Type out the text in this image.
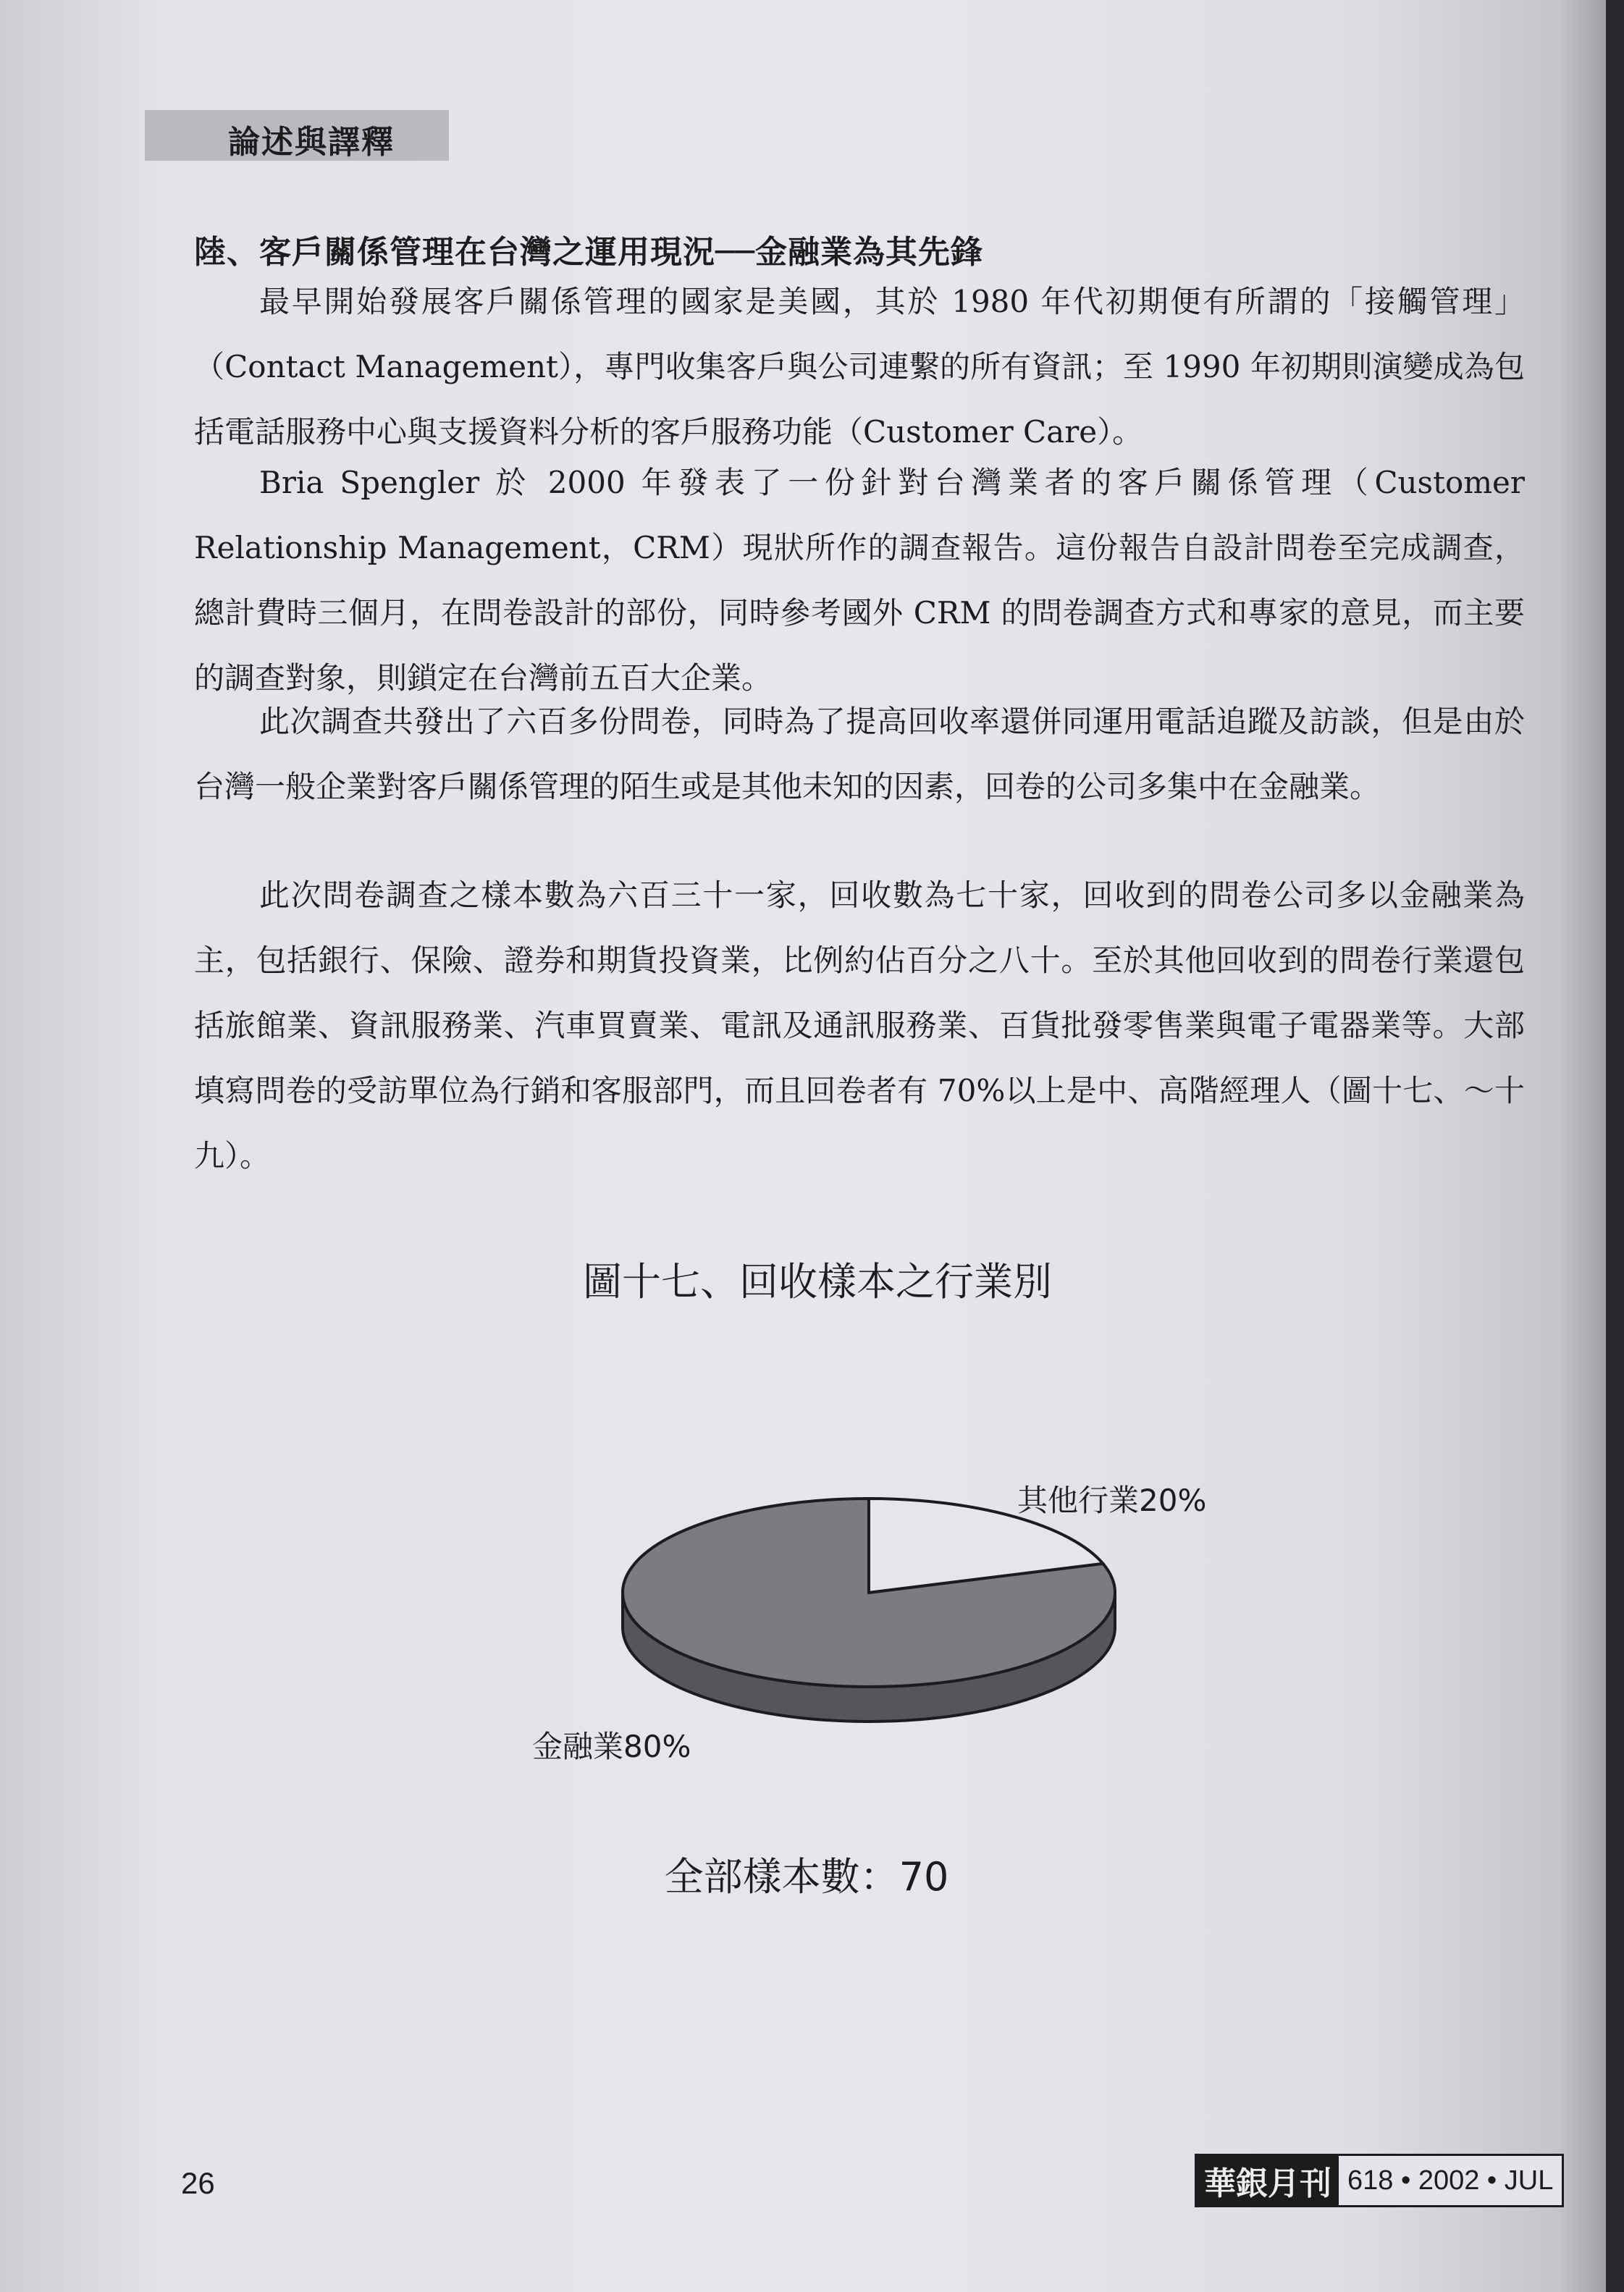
論述與譯釋
陸、客戶關係管理在台灣之運用現況──金融業為其先鋒

最早開始發展客戶關係管理的國家是美國，其於 1980 年代初期便有所謂的「接觸管理」（Contact Management），專門收集客戶與公司連繫的所有資訊；至 1990 年初期則演變成為包括電話服務中心與支援資料分析的客戶服務功能（Customer Care）。

Bria Spengler 於 2000 年發表了一份針對台灣業者的客戶關係管理（Customer Relationship Management，CRM）現狀所作的調查報告。這份報告自設計問卷至完成調查，總計費時三個月，在問卷設計的部份，同時參考國外 CRM 的問卷調查方式和專家的意見，而主要的調查對象，則鎖定在台灣前五百大企業。

此次調查共發出了六百多份問卷，同時為了提高回收率還併同運用電話追蹤及訪談，但是由於台灣一般企業對客戶關係管理的陌生或是其他未知的因素，回卷的公司多集中在金融業。

此次問卷調查之樣本數為六百三十一家，回收數為七十家，回收到的問卷公司多以金融業為主，包括銀行、保險、證券和期貨投資業，比例約佔百分之八十。至於其他回收到的問卷行業還包括旅館業、資訊服務業、汽車買賣業、電訊及通訊服務業、百貨批發零售業與電子電器業等。大部填寫問卷的受訪單位為行銷和客服部門，而且回卷者有 70%以上是中、高階經理人（圖十七、～十九）。

圖十七、回收樣本之行業別
其他行業20%
金融業80%
全部樣本數：70
26	華銀月刊 618 • 2002 • JUL
